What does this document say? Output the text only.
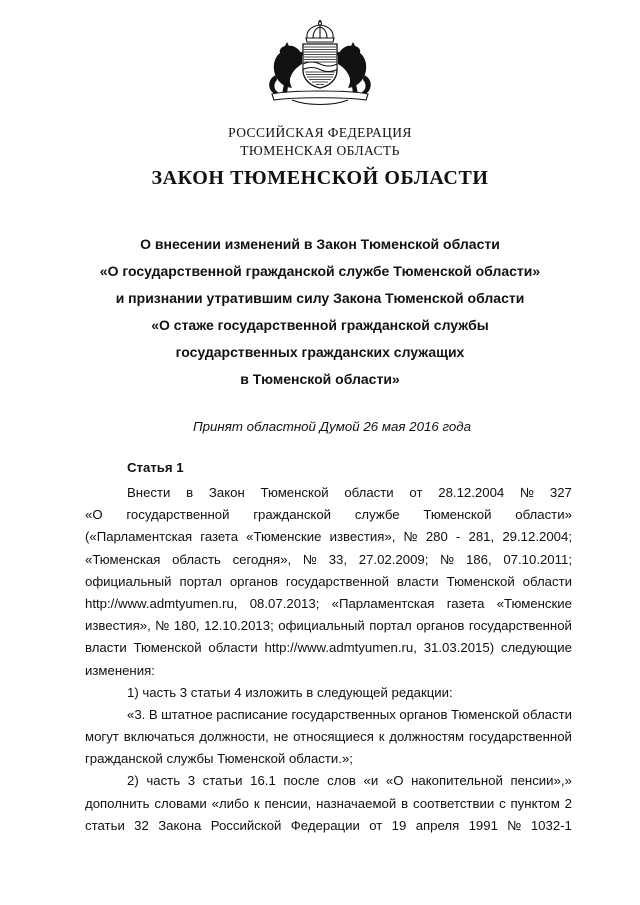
РОССИЙСКАЯ ФЕДЕРАЦИЯ
ТЮМЕНСКАЯ ОБЛАСТЬ
ЗАКОН ТЮМЕНСКОЙ ОБЛАСТИ
О внесении изменений в Закон Тюменской области
«О государственной гражданской службе Тюменской области»
и признании утратившим силу Закона Тюменской области
«О стаже государственной гражданской службы
государственных гражданских служащих
в Тюменской области»
Принят областной Думой 26 мая 2016 года
Статья 1
Внести в Закон Тюменской области от 28.12.2004 № 327
«О государственной гражданской службе Тюменской области»
(«Парламентская газета «Тюменские известия», № 280 - 281, 29.12.2004;
«Тюменская область сегодня», № 33, 27.02.2009; № 186, 07.10.2011;
официальный портал органов государственной власти Тюменской области
http://www.admtyumen.ru, 08.07.2013; «Парламентская газета «Тюменские
известия», № 180, 12.10.2013; официальный портал органов государственной
власти Тюменской области http://www.admtyumen.ru, 31.03.2015) следующие
изменения:
1) часть 3 статьи 4 изложить в следующей редакции:
«3. В штатное расписание государственных органов Тюменской области
могут включаться должности, не относящиеся к должностям государственной
гражданской службы Тюменской области.»;
2) часть 3 статьи 16.1 после слов «и «О накопительной пенсии»,»
дополнить словами «либо к пенсии, назначаемой в соответствии с пунктом 2
статьи 32 Закона Российской Федерации от 19 апреля 1991 № 1032-1
